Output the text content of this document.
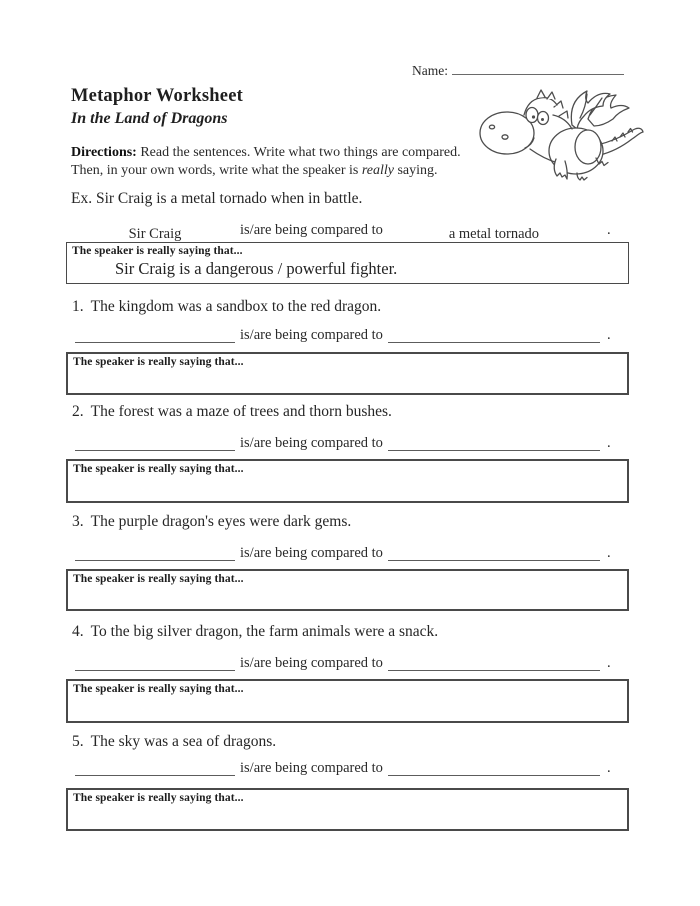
Name:
Metaphor Worksheet
In the Land of Dragons
Directions: Read the sentences. Write what two things are compared.
Then, in your own words, write what the speaker is really saying.
Ex. Sir Craig is a metal tornado when in battle.
Sir Craig	is/are being compared to	a metal tornado	.
The speaker is really saying that...
Sir Craig is a dangerous / powerful fighter.
1. The kingdom was a sandbox to the red dragon.
is/are being compared to	.
The speaker is really saying that...
2. The forest was a maze of trees and thorn bushes.
is/are being compared to	.
The speaker is really saying that...
3. The purple dragon's eyes were dark gems.
is/are being compared to	.
The speaker is really saying that...
4. To the big silver dragon, the farm animals were a snack.
is/are being compared to	.
The speaker is really saying that...
5. The sky was a sea of dragons.
is/are being compared to	.
The speaker is really saying that...
